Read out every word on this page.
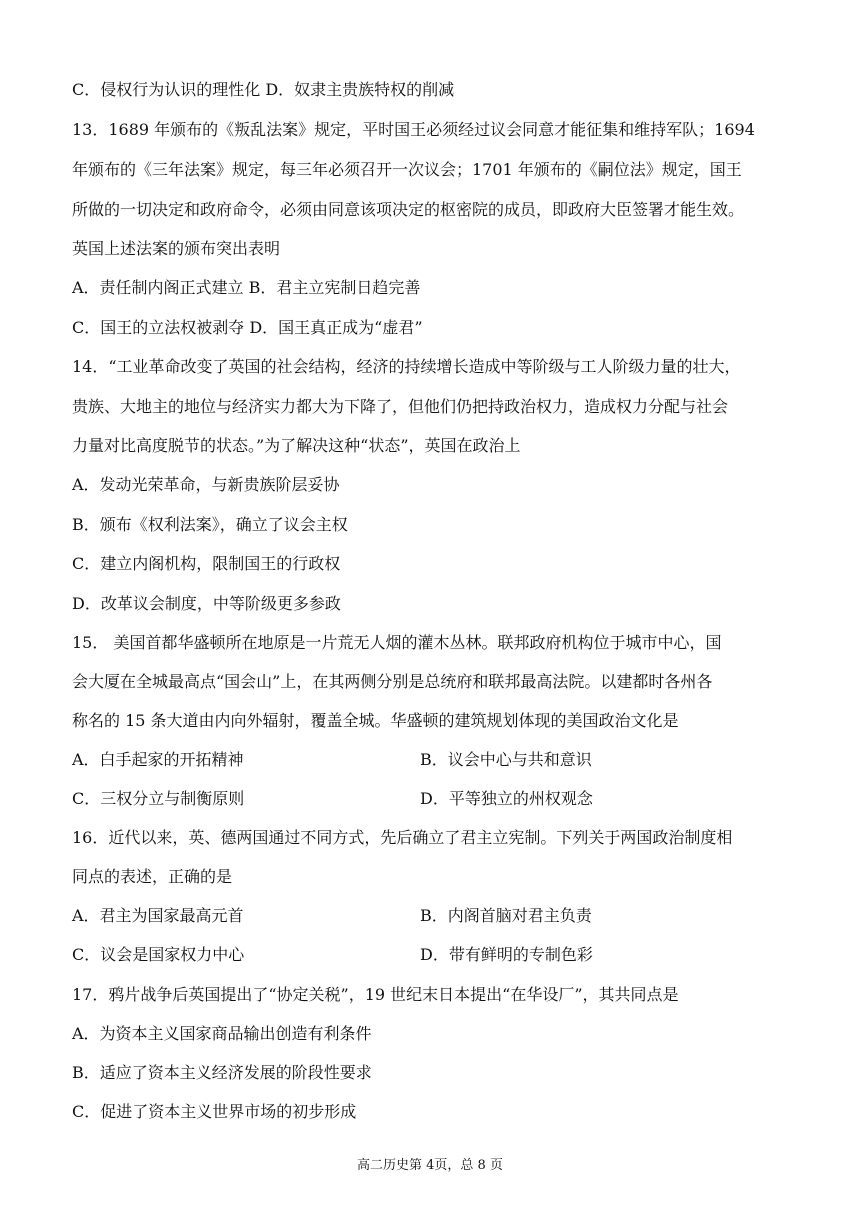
C．侵权行为认识的理性化 D．奴隶主贵族特权的削减
13．1689 年颁布的《叛乱法案》规定，平时国王必须经过议会同意才能征集和维持军队；1694
年颁布的《三年法案》规定，每三年必须召开一次议会；1701 年颁布的《嗣位法》规定，国王
所做的一切决定和政府命令，必须由同意该项决定的枢密院的成员，即政府大臣签署才能生效。
英国上述法案的颁布突出表明
A．责任制内阁正式建立 B．君主立宪制日趋完善
C．国王的立法权被剥夺 D．国王真正成为“虚君”
14．“工业革命改变了英国的社会结构，经济的持续增长造成中等阶级与工人阶级力量的壮大，
贵族、大地主的地位与经济实力都大为下降了，但他们仍把持政治权力，造成权力分配与社会
力量对比高度脱节的状态。”为了解决这种“状态”，英国在政治上
A．发动光荣革命，与新贵族阶层妥协
B．颁布《权利法案》，确立了议会主权
C．建立内阁机构，限制国王的行政权
D．改革议会制度，中等阶级更多参政
15． 美国首都华盛顿所在地原是一片荒无人烟的灌木丛林。联邦政府机构位于城市中心，国
会大厦在全城最高点“国会山”上，在其两侧分别是总统府和联邦最高法院。以建都时各州各
称名的 15 条大道由内向外辐射，覆盖全城。华盛顿的建筑规划体现的美国政治文化是
A．白手起家的开拓精神	B．议会中心与共和意识
C．三权分立与制衡原则	D．平等独立的州权观念
16．近代以来，英、德两国通过不同方式，先后确立了君主立宪制。下列关于两国政治制度相
同点的表述，正确的是
A．君主为国家最高元首	B．内阁首脑对君主负责
C．议会是国家权力中心	D．带有鲜明的专制色彩
17．鸦片战争后英国提出了“协定关税”，19 世纪末日本提出“在华设厂”，其共同点是
A．为资本主义国家商品输出创造有利条件
B．适应了资本主义经济发展的阶段性要求
C．促进了资本主义世界市场的初步形成
高二历史第 4页，总 8 页
